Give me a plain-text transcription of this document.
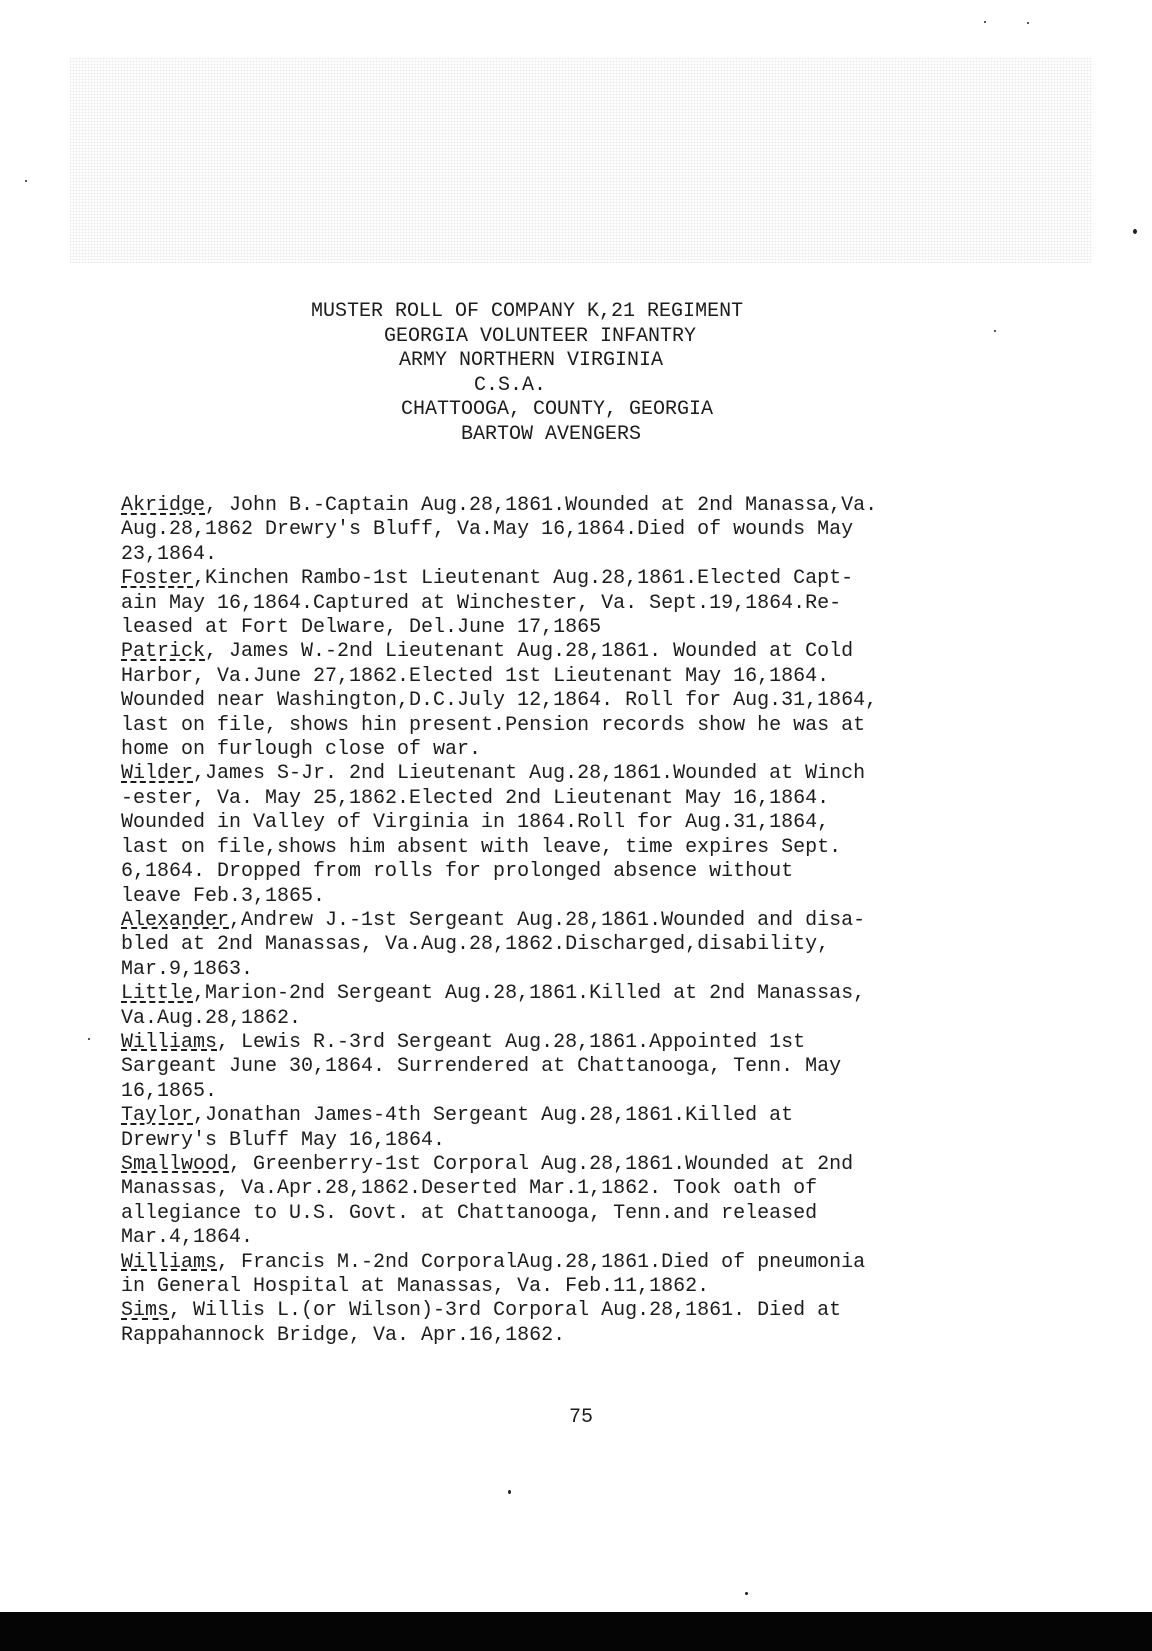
MUSTER ROLL OF COMPANY K,21 REGIMENT
GEORGIA VOLUNTEER INFANTRY
ARMY NORTHERN VIRGINIA
C.S.A.
CHATTOOGA, COUNTY, GEORGIA
BARTOW AVENGERS
Akridge, John B.-Captain Aug.28,1861.Wounded at 2nd Manassa,Va.
Aug.28,1862 Drewry's Bluff, Va.May 16,1864.Died of wounds May
23,1864.
Foster,Kinchen Rambo-1st Lieutenant Aug.28,1861.Elected Capt-
ain May 16,1864.Captured at Winchester, Va. Sept.19,1864.Re-
leased at Fort Delware, Del.June 17,1865
Patrick, James W.-2nd Lieutenant Aug.28,1861. Wounded at Cold
Harbor, Va.June 27,1862.Elected 1st Lieutenant May 16,1864.
Wounded near Washington,D.C.July 12,1864. Roll for Aug.31,1864,
last on file, shows hin present.Pension records show he was at
home on furlough close of war.
Wilder,James S-Jr. 2nd Lieutenant Aug.28,1861.Wounded at Winch
-ester, Va. May 25,1862.Elected 2nd Lieutenant May 16,1864.
Wounded in Valley of Virginia in 1864.Roll for Aug.31,1864,
last on file,shows him absent with leave, time expires Sept.
6,1864. Dropped from rolls for prolonged absence without
leave Feb.3,1865.
Alexander,Andrew J.-1st Sergeant Aug.28,1861.Wounded and disa-
bled at 2nd Manassas, Va.Aug.28,1862.Discharged,disability,
Mar.9,1863.
Little,Marion-2nd Sergeant Aug.28,1861.Killed at 2nd Manassas,
Va.Aug.28,1862.
Williams, Lewis R.-3rd Sergeant Aug.28,1861.Appointed 1st
Sargeant June 30,1864. Surrendered at Chattanooga, Tenn. May
16,1865.
Taylor,Jonathan James-4th Sergeant Aug.28,1861.Killed at
Drewry's Bluff May 16,1864.
Smallwood, Greenberry-1st Corporal Aug.28,1861.Wounded at 2nd
Manassas, Va.Apr.28,1862.Deserted Mar.1,1862. Took oath of
allegiance to U.S. Govt. at Chattanooga, Tenn.and released
Mar.4,1864.
Williams, Francis M.-2nd CorporalAug.28,1861.Died of pneumonia
in General Hospital at Manassas, Va. Feb.11,1862.
Sims, Willis L.(or Wilson)-3rd Corporal Aug.28,1861. Died at
Rappahannock Bridge, Va. Apr.16,1862.
75
